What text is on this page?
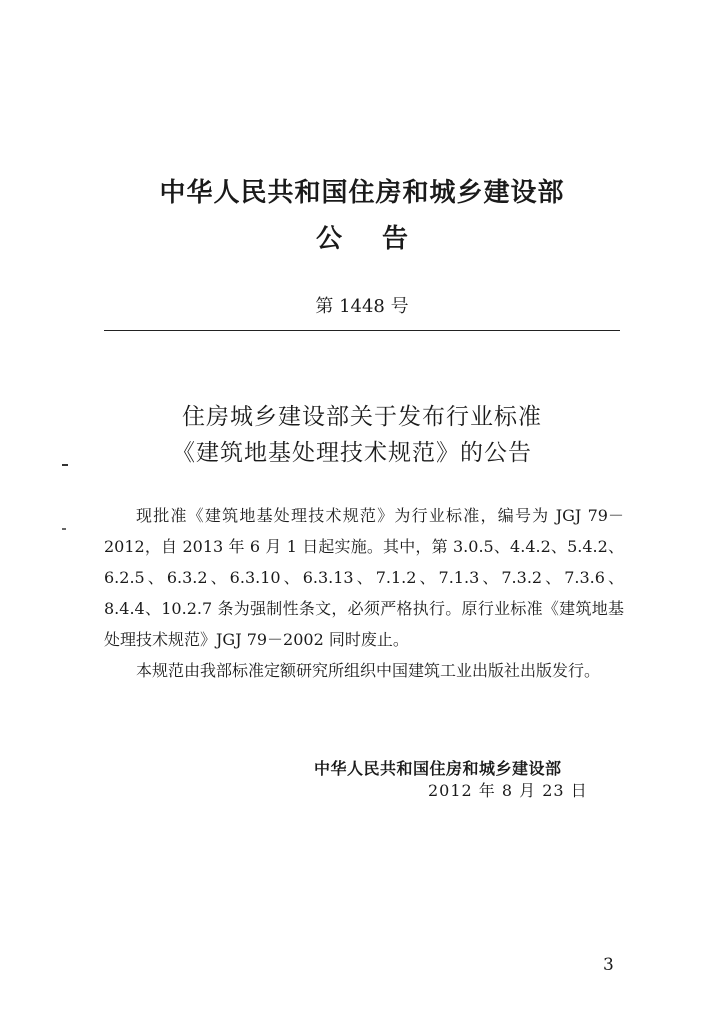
中华人民共和国住房和城乡建设部
公告
第 1448 号
住房城乡建设部关于发布行业标准
《建筑地基处理技术规范》的公告

现批准《建筑地基处理技术规范》为行业标准，编号为 JGJ 79－2012，自 2013 年 6 月 1 日起实施。其中，第 3.0.5、4.4.2、5.4.2、6.2.5、6.3.2、6.3.10、6.3.13、7.1.2、7.1.3、7.3.2、7.3.6、8.4.4、10.2.7 条为强制性条文，必须严格执行。原行业标准《建筑地基处理技术规范》JGJ 79－2002 同时废止。

本规范由我部标准定额研究所组织中国建筑工业出版社出版发行。

中华人民共和国住房和城乡建设部
2012 年 8 月 23 日
3
